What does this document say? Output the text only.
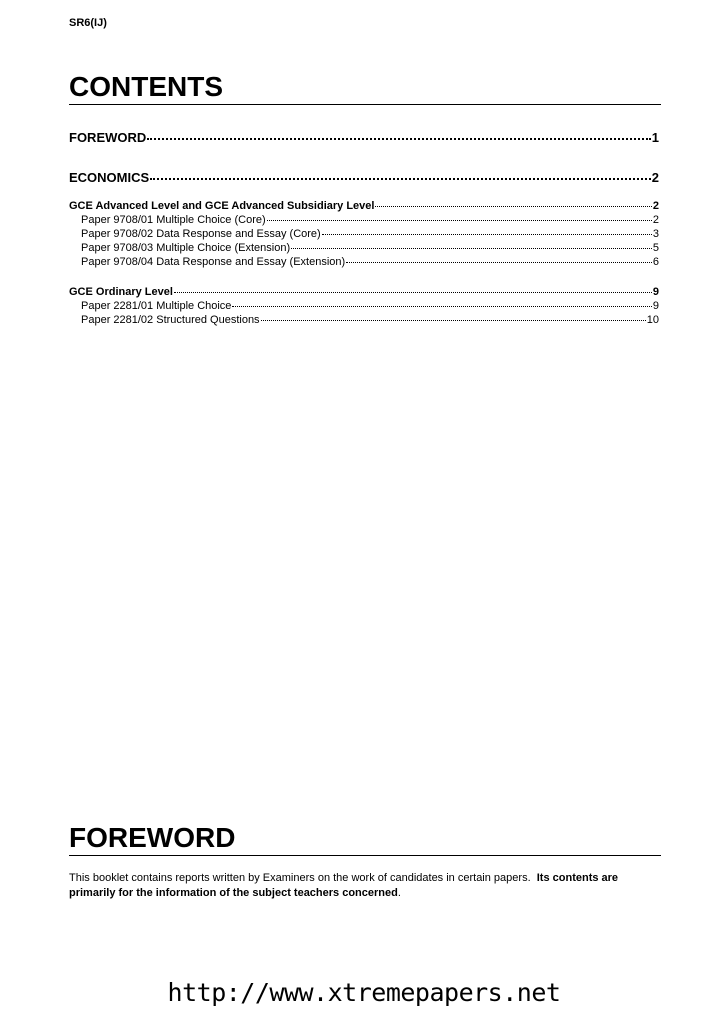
SR6(IJ)
CONTENTS
FOREWORD	1
ECONOMICS	2
GCE Advanced Level and GCE Advanced Subsidiary Level	2
Paper 9708/01 Multiple Choice (Core)	2
Paper 9708/02 Data Response and Essay (Core)	3
Paper 9708/03 Multiple Choice (Extension)	5
Paper 9708/04 Data Response and Essay (Extension)	6
GCE Ordinary Level	9
Paper 2281/01 Multiple Choice	9
Paper 2281/02 Structured Questions	10
FOREWORD
This booklet contains reports written by Examiners on the work of candidates in certain papers. Its contents are primarily for the information of the subject teachers concerned.
http://www.xtremepapers.net
